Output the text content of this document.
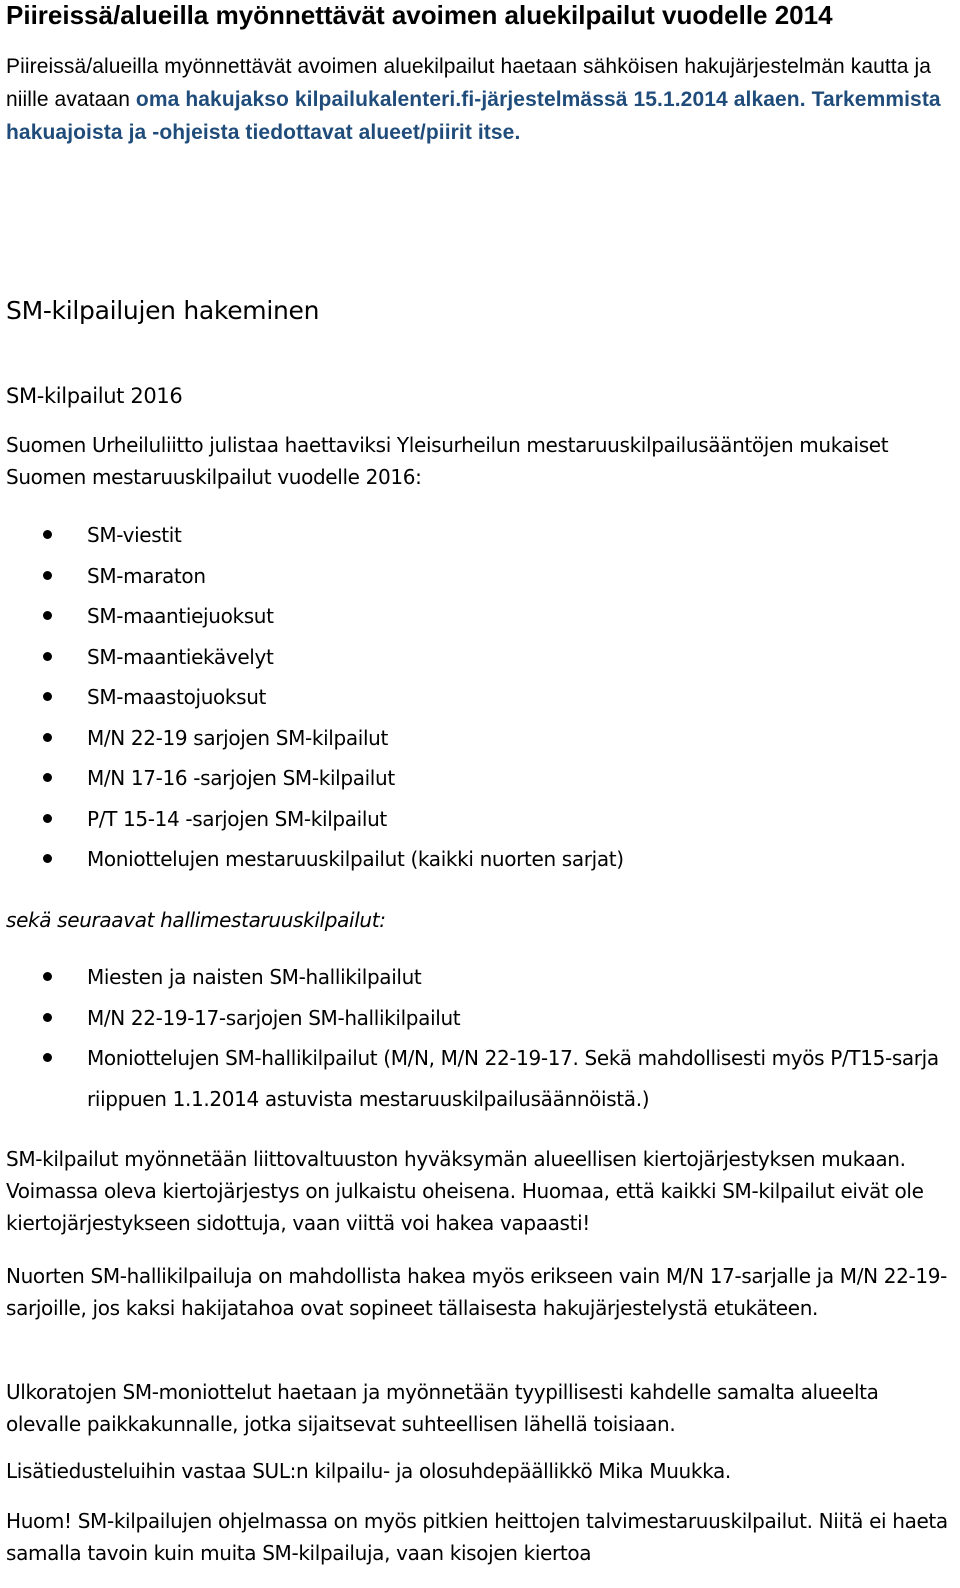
Piireissä/alueilla myönnettävät avoimen aluekilpailut vuodelle 2014

Piireissä/alueilla myönnettävät avoimen aluekilpailut haetaan sähköisen hakujärjestelmän kautta ja niille avataan oma hakujakso kilpailukalenteri.fi-järjestelmässä 15.1.2014 alkaen. Tarkemmista hakuajoista ja -ohjeista tiedottavat alueet/piirit itse.

SM-kilpailujen hakeminen
SM-kilpailut 2016

Suomen Urheiluliitto julistaa haettaviksi Yleisurheilun mestaruuskilpailusääntöjen mukaiset Suomen mestaruuskilpailut vuodelle 2016:

SM-viestit
SM-maraton
SM-maantiejuoksut
SM-maantiekävelyt
SM-maastojuoksut
M/N 22-19 sarjojen SM-kilpailut
M/N 17-16 -sarjojen SM-kilpailut
P/T 15-14 -sarjojen SM-kilpailut
Moniottelujen mestaruuskilpailut (kaikki nuorten sarjat)

sekä seuraavat hallimestaruuskilpailut:

Miesten ja naisten SM-hallikilpailut
M/N 22-19-17-sarjojen SM-hallikilpailut
Moniottelujen SM-hallikilpailut (M/N, M/N 22-19-17. Sekä mahdollisesti myös P/T15-sarja riippuen 1.1.2014 astuvista mestaruuskilpailusäännöistä.)

SM-kilpailut myönnetään liittovaltuuston hyväksymän alueellisen kiertojärjestyksen mukaan. Voimassa oleva kiertojärjestys on julkaistu oheisena. Huomaa, että kaikki SM-kilpailut eivät ole kiertojärjestykseen sidottuja, vaan viittä voi hakea vapaasti!

Nuorten SM-hallikilpailuja on mahdollista hakea myös erikseen vain M/N 17-sarjalle ja M/N 22-19-sarjoille, jos kaksi hakijatahoa ovat sopineet tällaisesta hakujärjestelystä etukäteen.

Ulkoratojen SM-moniottelut haetaan ja myönnetään tyypillisesti kahdelle samalta alueelta olevalle paikkakunnalle, jotka sijaitsevat suhteellisen lähellä toisiaan.

Lisätiedusteluihin vastaa SUL:n kilpailu- ja olosuhdepäällikkö Mika Muukka.

Huom! SM-kilpailujen ohjelmassa on myös pitkien heittojen talvimestaruuskilpailut. Niitä ei haeta samalla tavoin kuin muita SM-kilpailuja, vaan kisojen kiertoa
